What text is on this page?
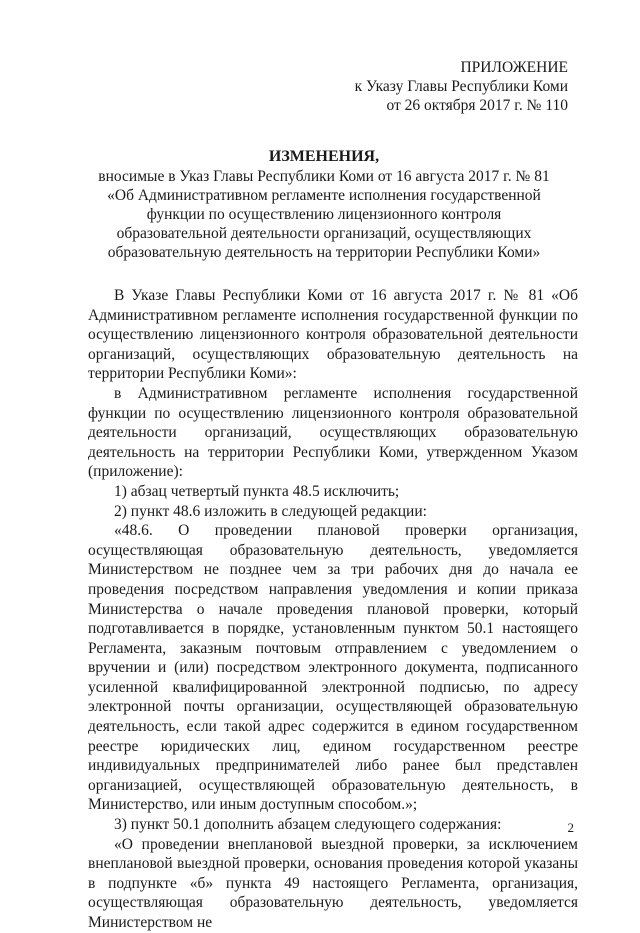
ПРИЛОЖЕНИЕ
к Указу Главы Республики Коми
от 26 октября 2017 г. № 110
ИЗМЕНЕНИЯ,
вносимые в Указ Главы Республики Коми от 16 августа 2017 г. № 81
«Об Административном регламенте исполнения государственной
функции по осуществлению лицензионного контроля
образовательной деятельности организаций, осуществляющих
образовательную деятельность на территории Республики Коми»

В Указе Главы Республики Коми от 16 августа 2017 г. № 81 «Об Административном регламенте исполнения государственной функции по осуществлению лицензионного контроля образовательной деятельности организаций, осуществляющих образовательную деятельность на территории Республики Коми»:

в Административном регламенте исполнения государственной функции по осуществлению лицензионного контроля образовательной деятельности организаций, осуществляющих образовательную деятельность на территории Республики Коми, утвержденном Указом (приложение):

1) абзац четвертый пункта 48.5 исключить;

2) пункт 48.6 изложить в следующей редакции:

«48.6. О проведении плановой проверки организация, осуществляющая образовательную деятельность, уведомляется Министерством не позднее чем за три рабочих дня до начала ее проведения посредством направления уведомления и копии приказа Министерства о начале проведения плановой проверки, который подготавливается в порядке, установленным пунктом 50.1 настоящего Регламента, заказным почтовым отправлением с уведомлением о вручении и (или) посредством электронного документа, подписанного усиленной квалифицированной электронной подписью, по адресу электронной почты организации, осуществляющей образовательную деятельность, если такой адрес содержится в едином государственном реестре юридических лиц, едином государственном реестре индивидуальных предпринимателей либо ранее был представлен организацией, осуществляющей образовательную деятельность, в Министерство, или иным доступным способом.»;

3) пункт 50.1 дополнить абзацем следующего содержания:

«О проведении внеплановой выездной проверки, за исключением внеплановой выездной проверки, основания проведения которой указаны в подпункте «б» пункта 49 настоящего Регламента, организация, осуществляющая образовательную деятельность, уведомляется Министерством не

2
